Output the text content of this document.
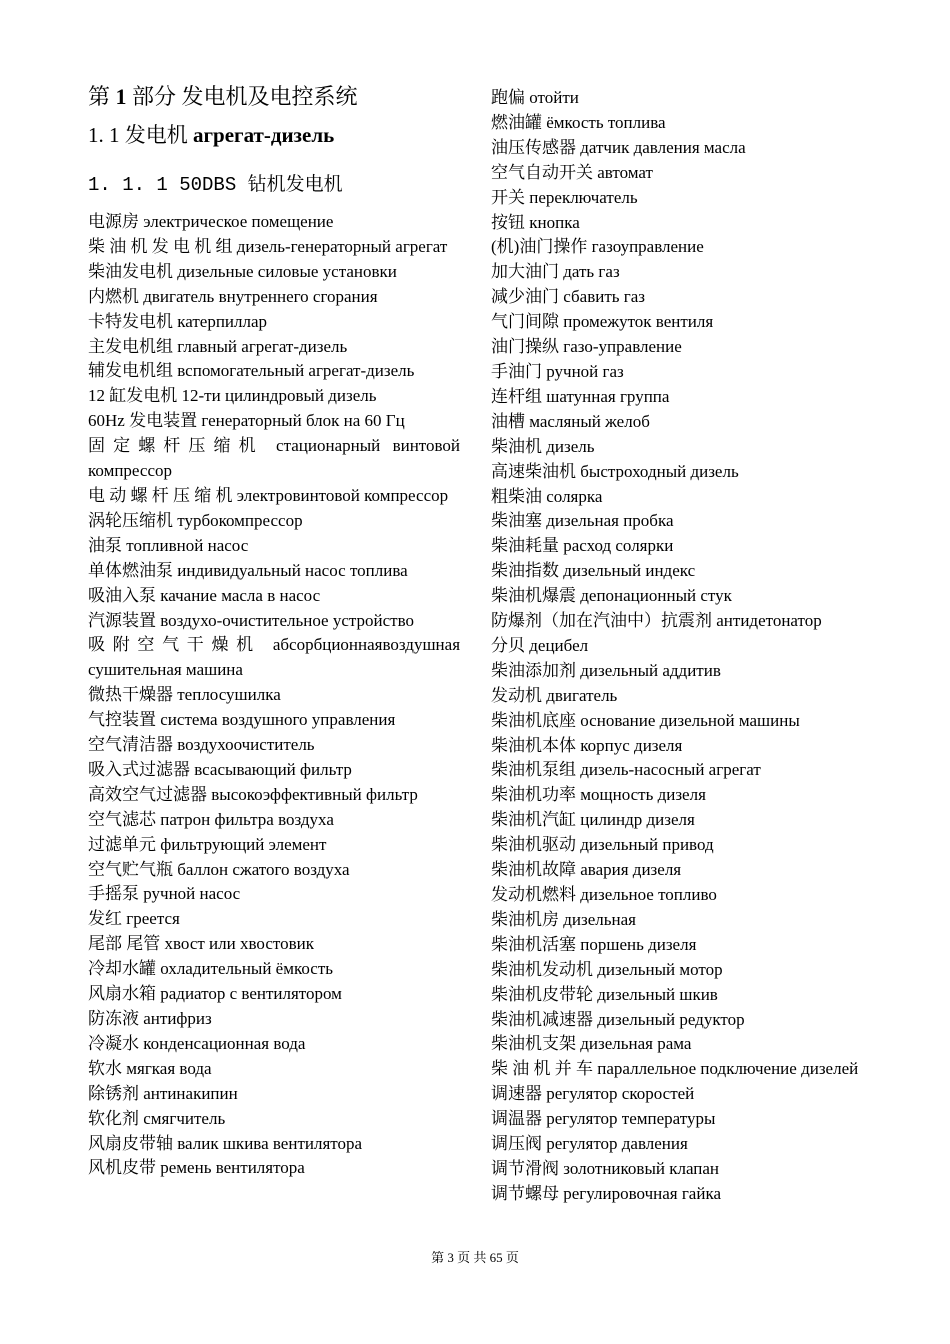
第 1 部分 发电机及电控系统

1. 1 发电机 агрегат-дизель

1. 1. 1 50DBS 钻机发电机

电源房 электрическое помещение

柴 油 机 发 电 机 组 дизель-генераторный агрегат

柴油发电机 дизельные силовые установки

内燃机 двигатель внутреннего сгорания

卡特发电机 катерпиллар

主发电机组 главный агрегат-дизель

辅发电机组 вспомогательный агрегат-дизель

12 缸发电机 12-ти цилиндровый дизель

60Hz 发电装置 генераторный блок на 60 Гц

固定螺杆压缩机 стационарный винтовой компрессор

电 动 螺 杆 压 缩 机 электровинтовой компрессор

涡轮压缩机 турбокомпрессор

油泵 топливной насос

单体燃油泵 индивидуальный насос топлива

吸油入泵 качание масла в насос

汽源装置 воздухо-очистительное устройство

吸附空气干燥机 абсорбционнаявоздушная сушительная машина

微热干燥器 теплосушилка

气控装置 система воздушного управления

空气清洁器 воздухоочиститель

吸入式过滤器 всасывающий фильтр

高效空气过滤器 высокоэффективный фильтр

空气滤芯 патрон фильтра воздуха

过滤单元 фильтрующий элемент

空气贮气瓶 баллон сжатого воздуха

手摇泵 ручной насос

发红 греется

尾部 尾管 хвост или хвостовик

冷却水罐 охладительный ёмкость

风扇水箱 радиатор с вентилятором

防冻液 антифриз

冷凝水 конденсационная вода

软水 мягкая вода

除锈剂 антинакипин

软化剂 смягчитель

风扇皮带轴 валик шкива вентилятора

风机皮带 ремень вентилятора

跑偏 отойти

燃油罐 ёмкость топлива

油压传感器 датчик давления масла

空气自动开关 автомат

开关 переключатель

按钮 кнопка

(机)油门操作 газоуправление

加大油门 дать газ

减少油门 сбавить газ

气门间隙 промежуток вентиля

油门操纵 газо-управление

手油门 ручной газ

连杆组 шатунная группа

油槽 масляный желоб

柴油机 дизель

高速柴油机 быстроходный дизель

粗柴油 солярка

柴油塞 дизельная пробка

柴油耗量 расход солярки

柴油指数 дизельный индекс

柴油机爆震 депонационный стук

防爆剂（加在汽油中）抗震剂 антидетонатор

分贝 децибел

柴油添加剂 дизельный аддитив

发动机 двигатель

柴油机底座 основание дизельной машины

柴油机本体 корпус дизеля

柴油机泵组 дизель-насосный агрегат

柴油机功率 мощность дизеля

柴油机汽缸 цилиндр дизеля

柴油机驱动 дизельный привод

柴油机故障 авария дизеля

发动机燃料 дизельное топливо

柴油机房 дизельная

柴油机活塞 поршень дизеля

柴油机发动机 дизельный мотор

柴油机皮带轮 дизельный шкив

柴油机减速器 дизельный редуктор

柴油机支架 дизельная рама

柴 油 机 并 车 параллельное подключение дизелей

调速器 регулятор скоростей

调温器 регулятор температуры

调压阀 регулятор давления

调节滑阀 золотниковый клапан

调节螺母 регулировочная гайка

第 3 页 共 65 页
